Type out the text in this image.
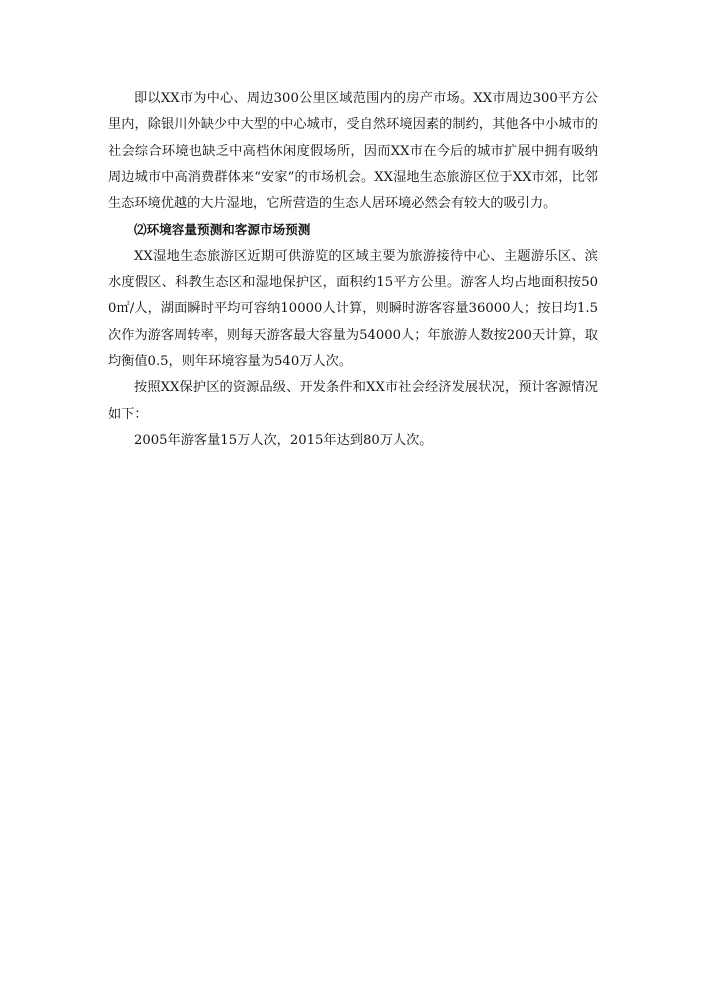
即以XX市为中心、周边300公里区域范围内的房产市场。XX市周边300平方公里内，除银川外缺少中大型的中心城市，受自然环境因素的制约，其他各中小城市的社会综合环境也缺乏中高档休闲度假场所，因而XX市在今后的城市扩展中拥有吸纳周边城市中高消费群体来“安家”的市场机会。XX湿地生态旅游区位于XX市郊，比邻生态环境优越的大片湿地，它所营造的生态人居环境必然会有较大的吸引力。

⑵环境容量预测和客源市场预测

XX湿地生态旅游区近期可供游览的区域主要为旅游接待中心、主题游乐区、滨水度假区、科教生态区和湿地保护区，面积约15平方公里。游客人均占地面积按500㎡/人，湖面瞬时平均可容纳10000人计算，则瞬时游客容量36000人；按日均1.5次作为游客周转率，则每天游客最大容量为54000人；年旅游人数按200天计算，取均衡值0.5，则年环境容量为540万人次。

按照XX保护区的资源品级、开发条件和XX市社会经济发展状况，预计客源情况如下：

2005年游客量15万人次，2015年达到80万人次。
